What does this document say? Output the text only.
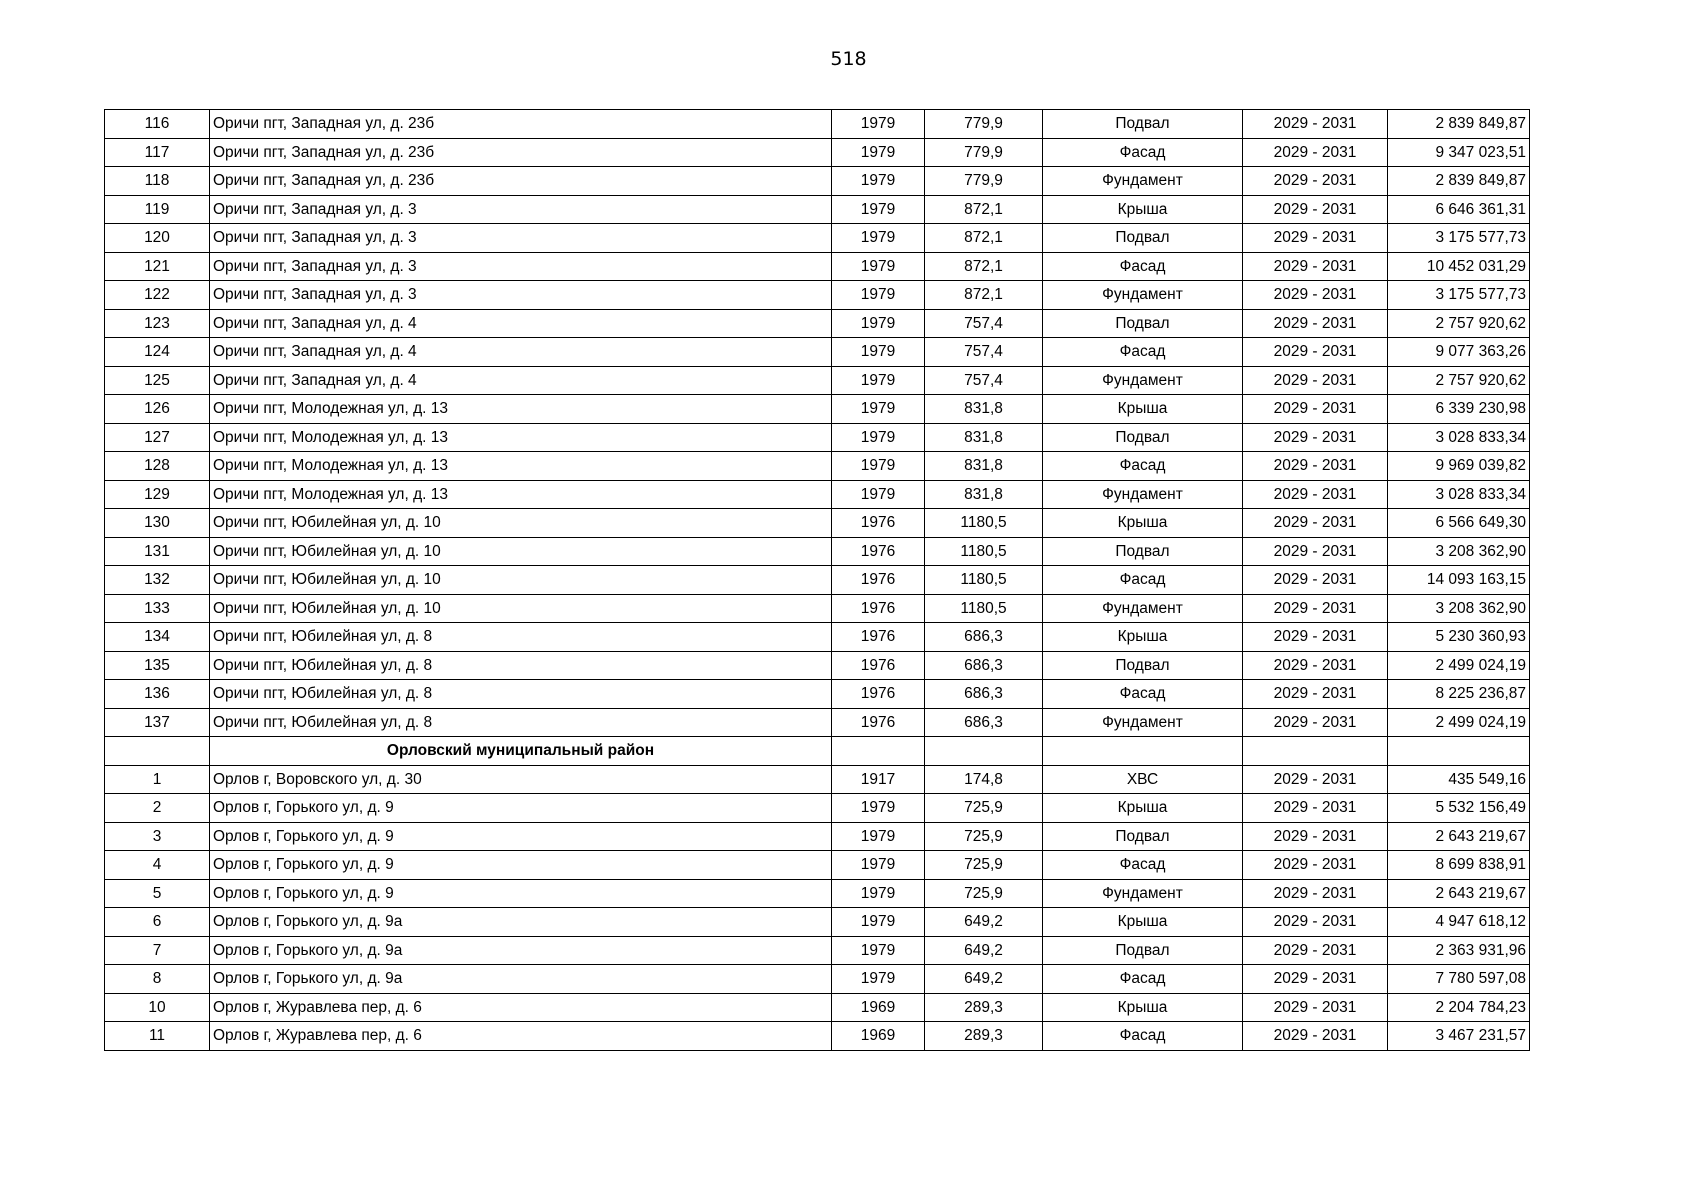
518
116	Оричи пгт, Западная ул, д. 23б	1979	779,9	Подвал	2029 - 2031	2 839 849,87
117	Оричи пгт, Западная ул, д. 23б	1979	779,9	Фасад	2029 - 2031	9 347 023,51
118	Оричи пгт, Западная ул, д. 23б	1979	779,9	Фундамент	2029 - 2031	2 839 849,87
119	Оричи пгт, Западная ул, д. 3	1979	872,1	Крыша	2029 - 2031	6 646 361,31
120	Оричи пгт, Западная ул, д. 3	1979	872,1	Подвал	2029 - 2031	3 175 577,73
121	Оричи пгт, Западная ул, д. 3	1979	872,1	Фасад	2029 - 2031	10 452 031,29
122	Оричи пгт, Западная ул, д. 3	1979	872,1	Фундамент	2029 - 2031	3 175 577,73
123	Оричи пгт, Западная ул, д. 4	1979	757,4	Подвал	2029 - 2031	2 757 920,62
124	Оричи пгт, Западная ул, д. 4	1979	757,4	Фасад	2029 - 2031	9 077 363,26
125	Оричи пгт, Западная ул, д. 4	1979	757,4	Фундамент	2029 - 2031	2 757 920,62
126	Оричи пгт, Молодежная ул, д. 13	1979	831,8	Крыша	2029 - 2031	6 339 230,98
127	Оричи пгт, Молодежная ул, д. 13	1979	831,8	Подвал	2029 - 2031	3 028 833,34
128	Оричи пгт, Молодежная ул, д. 13	1979	831,8	Фасад	2029 - 2031	9 969 039,82
129	Оричи пгт, Молодежная ул, д. 13	1979	831,8	Фундамент	2029 - 2031	3 028 833,34
130	Оричи пгт, Юбилейная ул, д. 10	1976	1180,5	Крыша	2029 - 2031	6 566 649,30
131	Оричи пгт, Юбилейная ул, д. 10	1976	1180,5	Подвал	2029 - 2031	3 208 362,90
132	Оричи пгт, Юбилейная ул, д. 10	1976	1180,5	Фасад	2029 - 2031	14 093 163,15
133	Оричи пгт, Юбилейная ул, д. 10	1976	1180,5	Фундамент	2029 - 2031	3 208 362,90
134	Оричи пгт, Юбилейная ул, д. 8	1976	686,3	Крыша	2029 - 2031	5 230 360,93
135	Оричи пгт, Юбилейная ул, д. 8	1976	686,3	Подвал	2029 - 2031	2 499 024,19
136	Оричи пгт, Юбилейная ул, д. 8	1976	686,3	Фасад	2029 - 2031	8 225 236,87
137	Оричи пгт, Юбилейная ул, д. 8	1976	686,3	Фундамент	2029 - 2031	2 499 024,19
	Орловский муниципальный район					
1	Орлов г, Воровского ул, д. 30	1917	174,8	ХВС	2029 - 2031	435 549,16
2	Орлов г, Горького ул, д. 9	1979	725,9	Крыша	2029 - 2031	5 532 156,49
3	Орлов г, Горького ул, д. 9	1979	725,9	Подвал	2029 - 2031	2 643 219,67
4	Орлов г, Горького ул, д. 9	1979	725,9	Фасад	2029 - 2031	8 699 838,91
5	Орлов г, Горького ул, д. 9	1979	725,9	Фундамент	2029 - 2031	2 643 219,67
6	Орлов г, Горького ул, д. 9а	1979	649,2	Крыша	2029 - 2031	4 947 618,12
7	Орлов г, Горького ул, д. 9а	1979	649,2	Подвал	2029 - 2031	2 363 931,96
8	Орлов г, Горького ул, д. 9а	1979	649,2	Фасад	2029 - 2031	7 780 597,08
10	Орлов г, Журавлева пер, д. 6	1969	289,3	Крыша	2029 - 2031	2 204 784,23
11	Орлов г, Журавлева пер, д. 6	1969	289,3	Фасад	2029 - 2031	3 467 231,57
